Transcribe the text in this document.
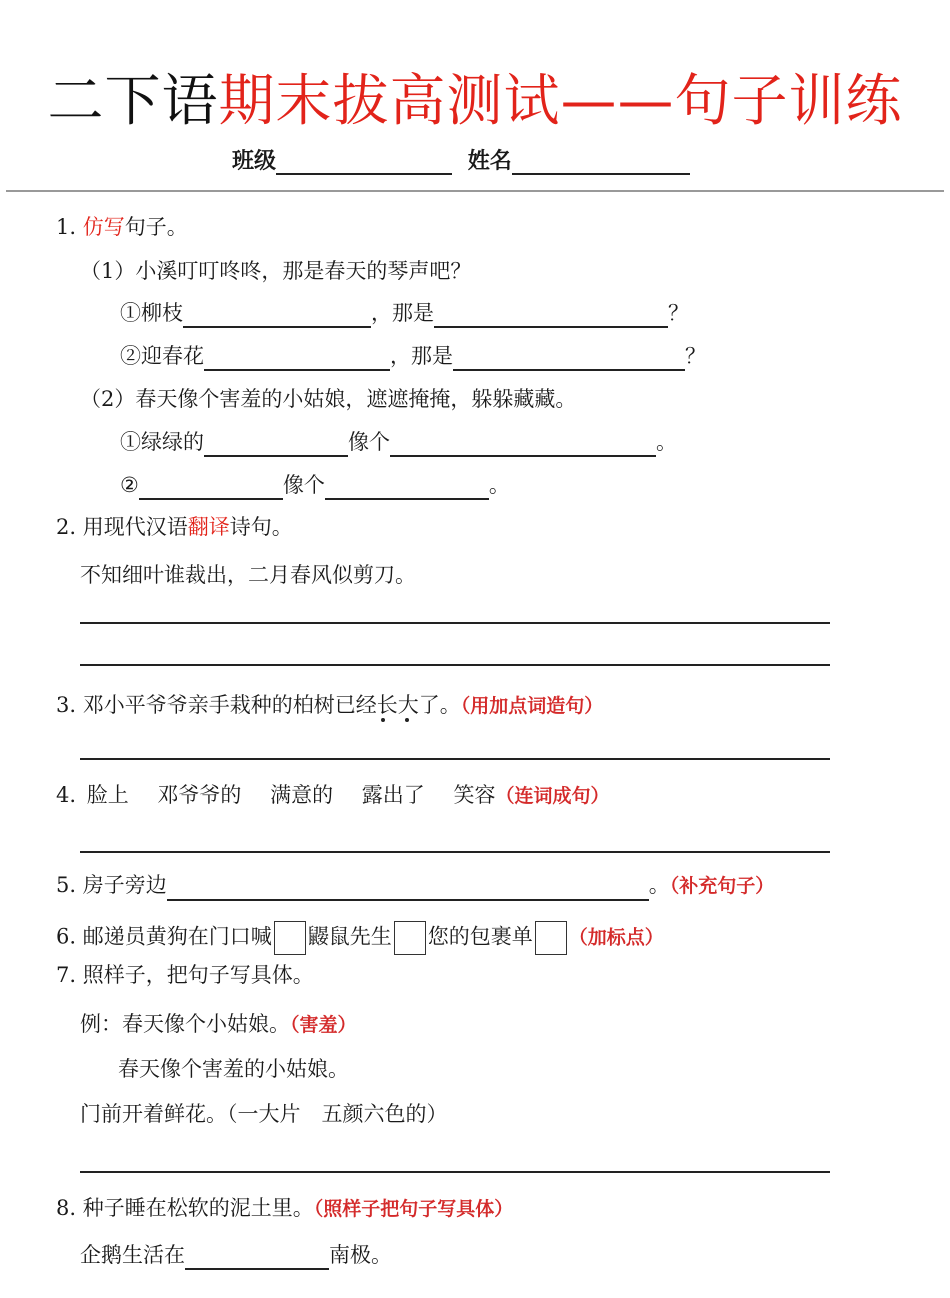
二下语期末拔高测试——句子训练
班级	姓名
1. 仿写句子。
（1）小溪叮叮咚咚，那是春天的琴声吧？
①柳枝	，那是	？
②迎春花	，那是	？
（2）春天像个害羞的小姑娘，遮遮掩掩，躲躲藏藏。
①绿绿的	像个	。
②	像个	。
2. 用现代汉语翻译诗句。
不知细叶谁裁出，二月春风似剪刀。
3. 邓小平爷爷亲手栽种的柏树已经长大了。（用加点词造句）
4. 脸上 邓爷爷的 满意的 露出了 笑容（连词成句）
5. 房子旁边	。（补充句子）
6. 邮递员黄狗在门口喊 鼹鼠先生 您的包裹单 （加标点）
7. 照样子，把句子写具体。
例：春天像个小姑娘。（害羞）
春天像个害羞的小姑娘。
门前开着鲜花。（一大片　五颜六色的）
8. 种子睡在松软的泥土里。（照样子把句子写具体）
企鹅生活在	南极。
